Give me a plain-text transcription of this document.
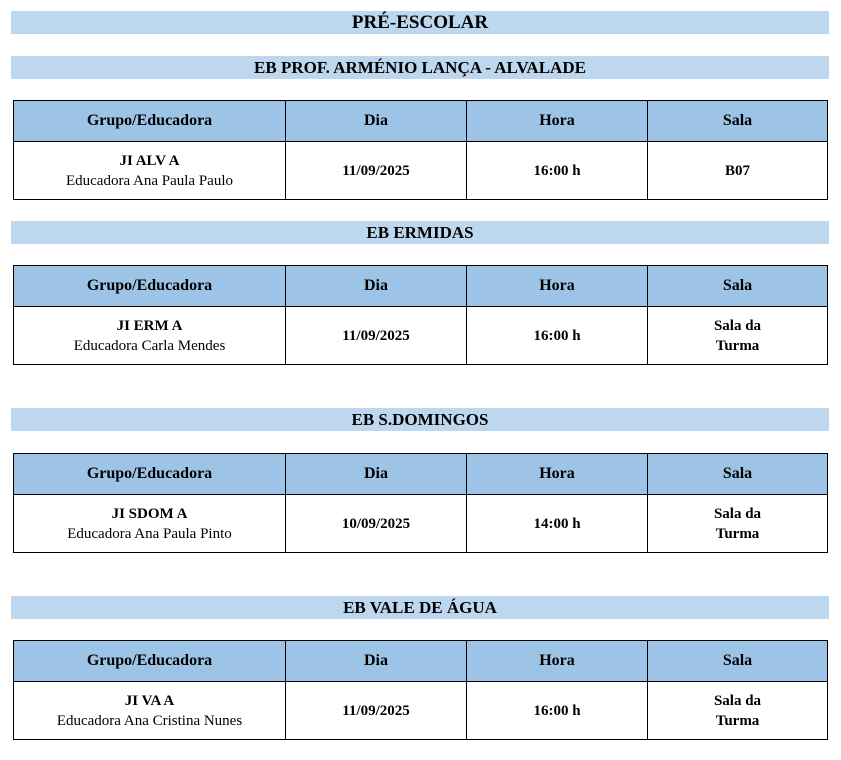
PRÉ-ESCOLAR
EB PROF. ARMÉNIO LANÇA - ALVALADE
Grupo/Educadora	Dia	Hora	Sala

JI ALV A
Educadora Ana Paula Paulo	11/09/2025	16:00 h	B07
EB ERMIDAS
Grupo/Educadora	Dia	Hora	Sala

JI ERM A
Educadora Carla Mendes	11/09/2025	16:00 h	Sala da
Turma
EB S.DOMINGOS
Grupo/Educadora	Dia	Hora	Sala

JI SDOM A
Educadora Ana Paula Pinto	10/09/2025	14:00 h	Sala da
Turma
EB VALE DE ÁGUA
Grupo/Educadora	Dia	Hora	Sala

JI VA A
Educadora Ana Cristina Nunes	11/09/2025	16:00 h	Sala da
Turma
